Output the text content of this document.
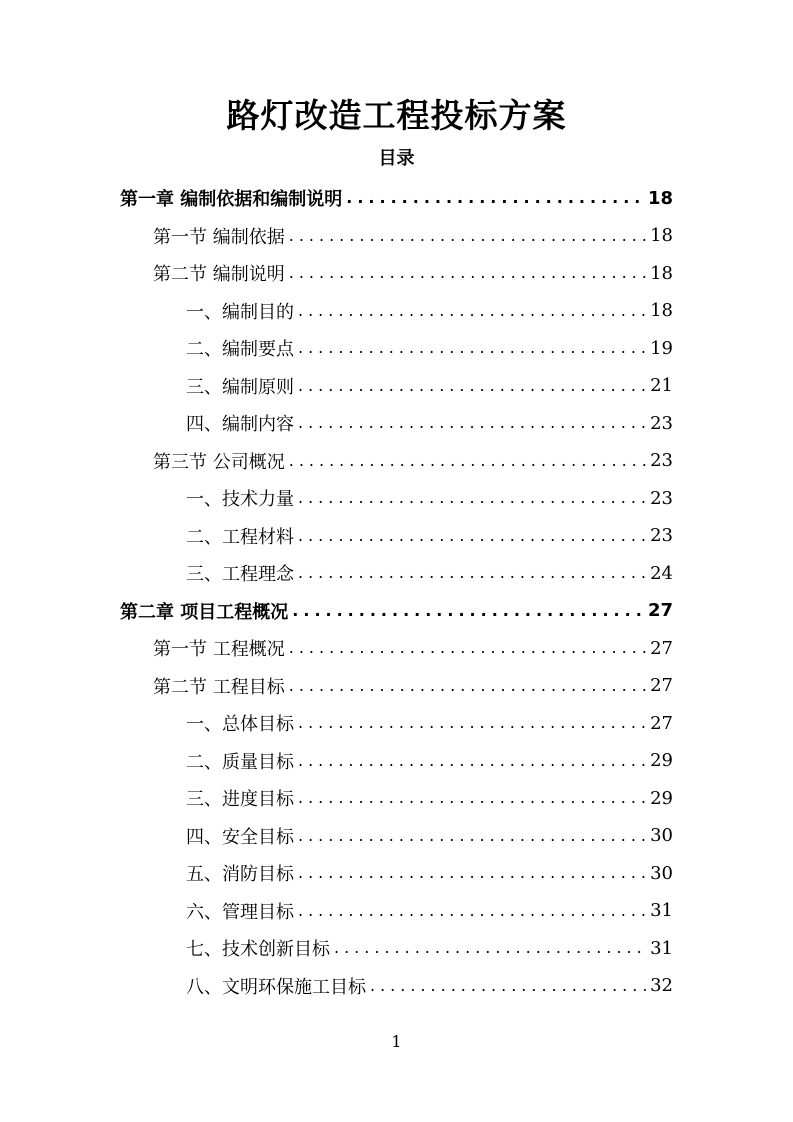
路灯改造工程投标方案
目录
第一章 编制依据和编制说明 .....	18
第一节 编制依据 .....	18
第二节 编制说明 .....	18
一、编制目的 .....	18
二、编制要点 .....	19
三、编制原则 .....	21
四、编制内容 .....	23
第三节 公司概况 .....	23
一、技术力量 .....	23
二、工程材料 .....	23
三、工程理念 .....	24
第二章 项目工程概况 .....	27
第一节 工程概况 .....	27
第二节 工程目标 .....	27
一、总体目标 .....	27
二、质量目标 .....	29
三、进度目标 .....	29
四、安全目标 .....	30
五、消防目标 .....	30
六、管理目标 .....	31
七、技术创新目标 .....	31
八、文明环保施工目标 .....	32
1
